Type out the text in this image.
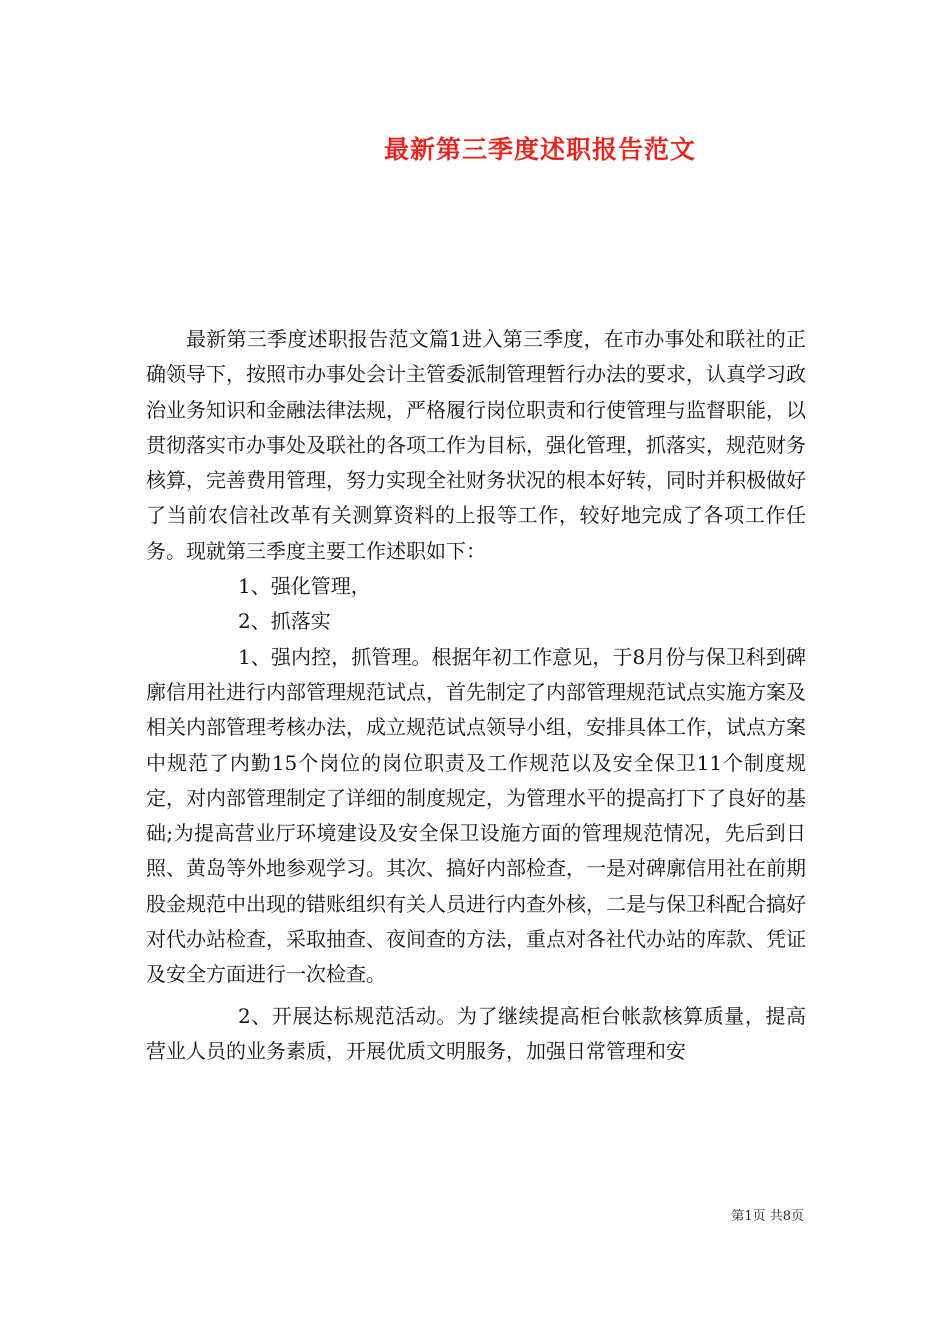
最新第三季度述职报告范文

最新第三季度述职报告范文篇1进入第三季度，在市办事处和联社的正确领导下，按照市办事处会计主管委派制管理暂行办法的要求，认真学习政治业务知识和金融法律法规，严格履行岗位职责和行使管理与监督职能，以贯彻落实市办事处及联社的各项工作为目标，强化管理，抓落实，规范财务核算，完善费用管理，努力实现全社财务状况的根本好转，同时并积极做好了当前农信社改革有关测算资料的上报等工作，较好地完成了各项工作任务。现就第三季度主要工作述职如下：

1、强化管理，

2、抓落实

1、强内控，抓管理。根据年初工作意见，于8月份与保卫科到碑廓信用社进行内部管理规范试点，首先制定了内部管理规范试点实施方案及相关内部管理考核办法，成立规范试点领导小组，安排具体工作，试点方案中规范了内勤15个岗位的岗位职责及工作规范以及安全保卫11个制度规定，对内部管理制定了详细的制度规定，为管理水平的提高打下了良好的基础;为提高营业厅环境建设及安全保卫设施方面的管理规范情况，先后到日照、黄岛等外地参观学习。其次、搞好内部检查，一是对碑廓信用社在前期股金规范中出现的错账组织有关人员进行内查外核，二是与保卫科配合搞好对代办站检查，采取抽查、夜间查的方法，重点对各社代办站的库款、凭证及安全方面进行一次检查。

2、开展达标规范活动。为了继续提高柜台帐款核算质量，提高营业人员的业务素质，开展优质文明服务，加强日常管理和安

第1页 共8页
